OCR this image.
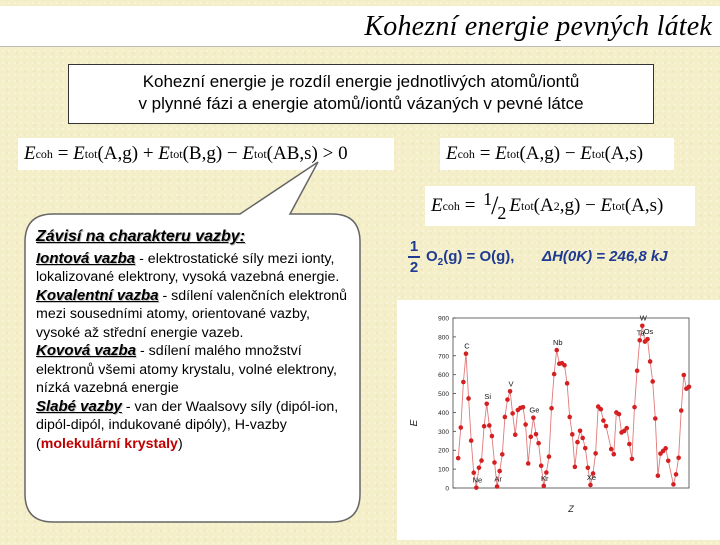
Kohezní energie pevných látek
Kohezní energie je rozdíl energie jednotlivých atomů/iontů
v plynné fázi a energie atomů/iontů vázaných v pevné látce
E coh = E tot (A,g) + E tot (B,g) − E tot (AB,s)
> 0	E coh = E tot (A,g) − E tot (A,s)
E coh = 1 / 2 E tot (A 2 ,g) − E tot (A,s)
Závisí na charakteru vazby:
Iontová vazba - elektrostatické síly mezi ionty, lokalizované elektrony, vysoká vazebná energie.
Kovalentní vazba - sdílení valenčních elektronů mezi sousedními atomy, orientované vazby, vysoké až střední energie vazeb.
Kovová vazba - sdílení malého množství elektronů všemi atomy krystalu, volné elektrony, nízká vazebná energie
Slabé vazby - van der Waalsovy síly (dipól-ion, dipól-dipól, indukované dipóly), H-vazby (molekulární krystaly)
1
2
$O_2(g) = O(g)$, ΔH(0K) = 246,8 kJ
0
100
200
300
400
500
600
700
800
900
Z
E
C
Si
V
Ge
Nb
Ta
W
Os
Ne Ar	Kr	Xe
